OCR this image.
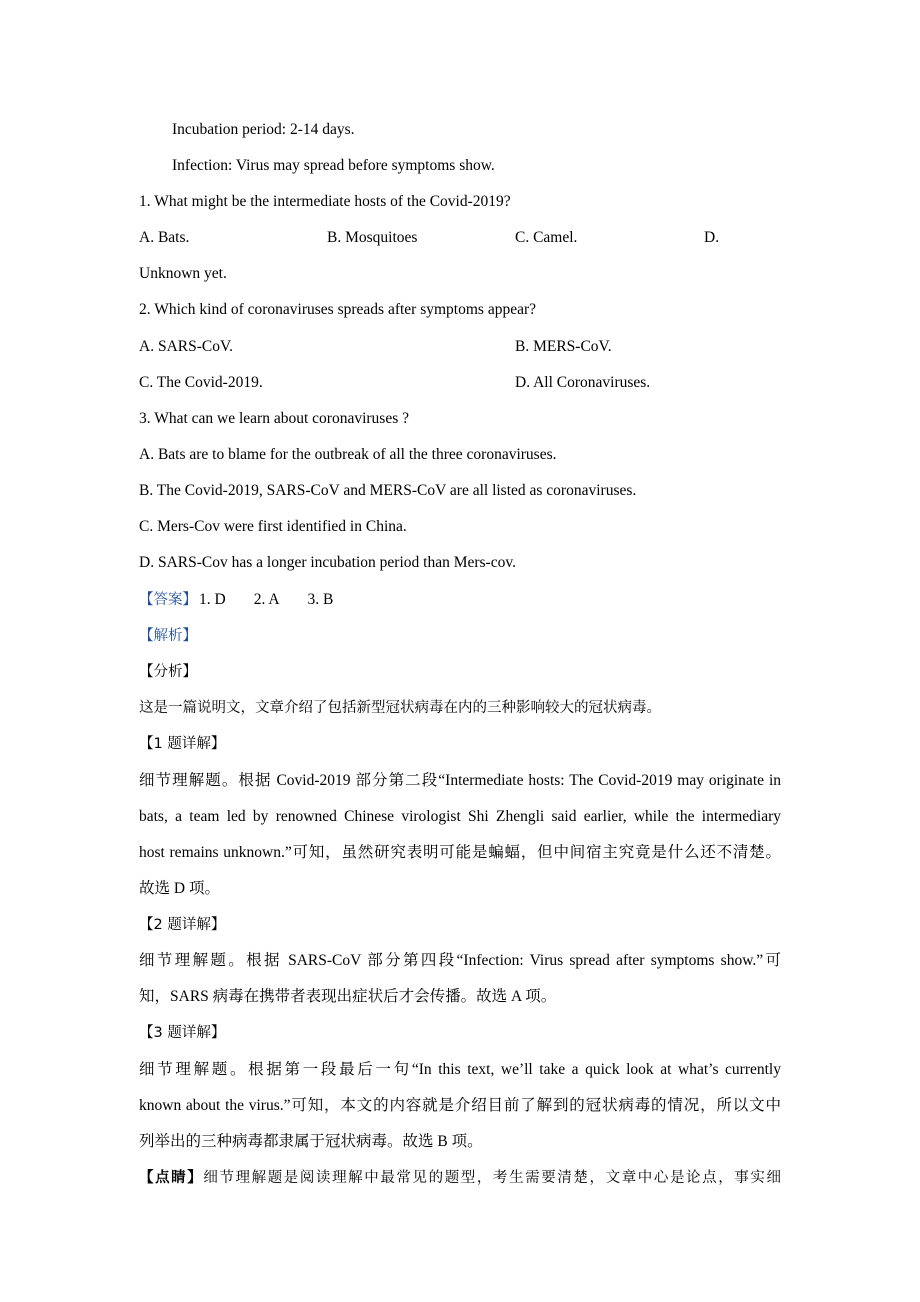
Incubation period: 2-14 days.
Infection: Virus may spread before symptoms show.
1. What might be the intermediate hosts of the Covid-2019?
A. Bats.	B. Mosquitoes	C. Camel.	D.
Unknown yet.
2. Which kind of coronaviruses spreads after symptoms appear?
A. SARS-CoV.	B. MERS-CoV.
C. The Covid-2019.	D. All Coronaviruses.
3. What can we learn about coronaviruses ?
A. Bats are to blame for the outbreak of all the three coronaviruses.
B. The Covid-2019, SARS-CoV and MERS-CoV are all listed as coronaviruses.
C. Mers-Cov were first identified in China.
D. SARS-Cov has a longer incubation period than Mers-cov.
【答案】 1. D 2. A 3. B
【解析】
【分析】
这是一篇说明文，文章介绍了包括新型冠状病毒在内的三种影响较大的冠状病毒。
【1 题详解】
细节理解题。根据 Covid-2019 部分第二段“Intermediate hosts: The Covid-2019 may originate in
bats, a team led by renowned Chinese virologist Shi Zhengli said earlier, while the intermediary
host remains unknown.”可知，虽然研究表明可能是蝙蝠，但中间宿主究竟是什么还不清楚。
故选 D 项。
【2 题详解】
细节理解题。根据 SARS-CoV 部分第四段“Infection: Virus spread after symptoms show.”可
知，SARS 病毒在携带者表现出症状后才会传播。故选 A 项。
【3 题详解】
细节理解题。根据第一段最后一句“In this text, we’ll take a quick look at what’s currently
known about the virus.”可知，本文的内容就是介绍目前了解到的冠状病毒的情况，所以文中
列举出的三种病毒都隶属于冠状病毒。故选 B 项。
【点睛】细节理解题是阅读理解中最常见的题型，考生需要清楚，文章中心是论点，事实细
